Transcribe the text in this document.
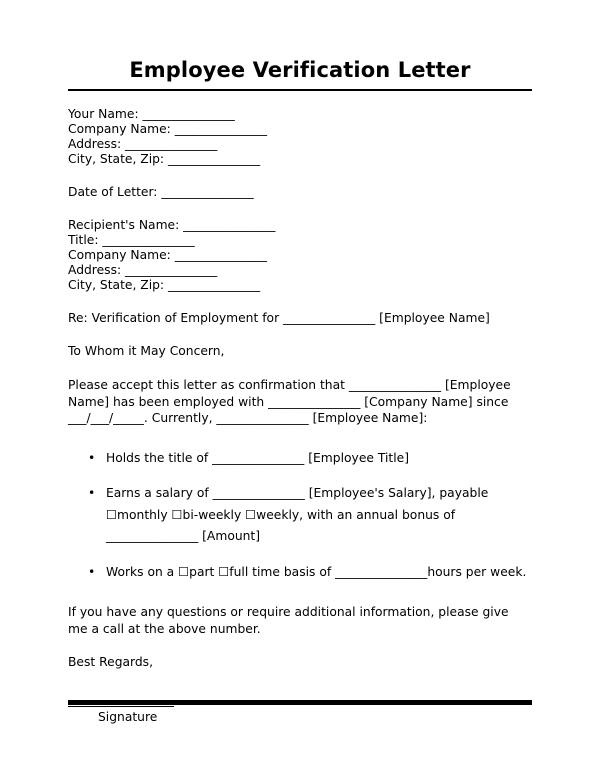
Employee Verification Letter

Your Name: _______________

Company Name: _______________

Address: _______________

City, State, Zip: _______________

Date of Letter: _______________

Recipient's Name: _______________

Title: _______________

Company Name: _______________

Address: _______________

City, State, Zip: _______________

Re: Verification of Employment for _______________ [Employee Name]

To Whom it May Concern,

Please accept this letter as confirmation that _______________ [Employee Name] has been employed with _______________ [Company Name] since ___/___/_____. Currently, _______________ [Employee Name]:

• Holds the title of _______________ [Employee Title]
• Earns a salary of _______________ [Employee's Salary], payable ☐monthly ☐bi-weekly ☐weekly, with an annual bonus of _______________ [Amount]
• Works on a ☐part ☐full time basis of _______________hours per week.

If you have any questions or require additional information, please give me a call at the above number.

Best Regards,

Signature
